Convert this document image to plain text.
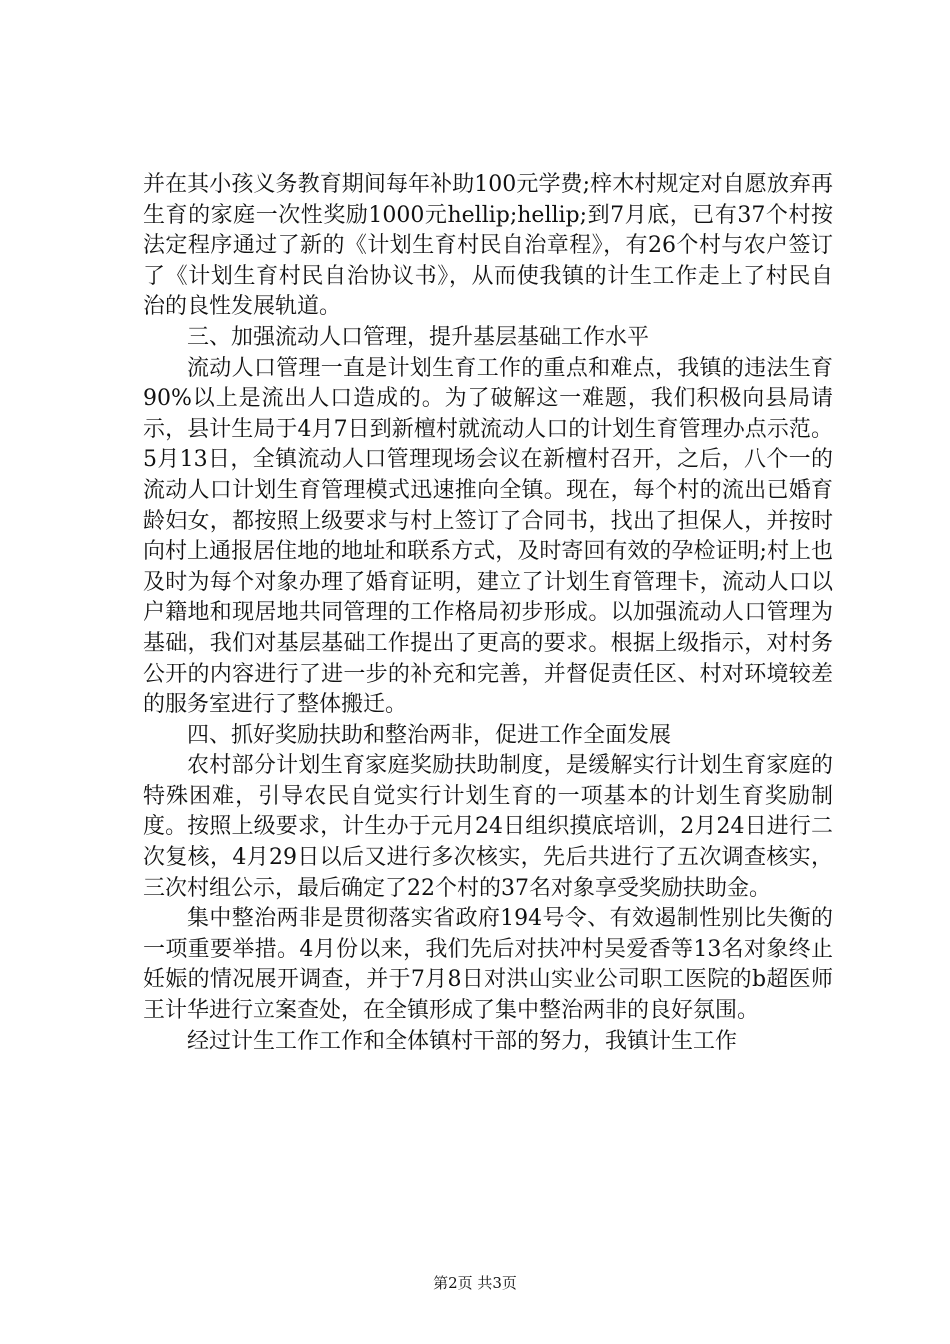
并在其小孩义务教育期间每年补助100元学费;梓木村规定对自愿放弃再生育的家庭一次性奖励1000元hellip;hellip;到7月底，已有37个村按法定程序通过了新的《计划生育村民自治章程》，有26个村与农户签订了《计划生育村民自治协议书》，从而使我镇的计生工作走上了村民自治的良性发展轨道。

三、加强流动人口管理，提升基层基础工作水平

流动人口管理一直是计划生育工作的重点和难点，我镇的违法生育90%以上是流出人口造成的。为了破解这一难题，我们积极向县局请示，县计生局于4月7日到新檀村就流动人口的计划生育管理办点示范。5月13日，全镇流动人口管理现场会议在新檀村召开，之后，八个一的流动人口计划生育管理模式迅速推向全镇。现在，每个村的流出已婚育龄妇女，都按照上级要求与村上签订了合同书，找出了担保人，并按时向村上通报居住地的地址和联系方式，及时寄回有效的孕检证明;村上也及时为每个对象办理了婚育证明，建立了计划生育管理卡，流动人口以户籍地和现居地共同管理的工作格局初步形成。以加强流动人口管理为基础，我们对基层基础工作提出了更高的要求。根据上级指示，对村务公开的内容进行了进一步的补充和完善，并督促责任区、村对环境较差的服务室进行了整体搬迁。

四、抓好奖励扶助和整治两非，促进工作全面发展

农村部分计划生育家庭奖励扶助制度，是缓解实行计划生育家庭的特殊困难，引导农民自觉实行计划生育的一项基本的计划生育奖励制度。按照上级要求，计生办于元月24日组织摸底培训，2月24日进行二次复核，4月29日以后又进行多次核实，先后共进行了五次调查核实，三次村组公示，最后确定了22个村的37名对象享受奖励扶助金。

集中整治两非是贯彻落实省政府194号令、有效遏制性别比失衡的一项重要举措。4月份以来，我们先后对扶冲村吴爱香等13名对象终止妊娠的情况展开调查，并于7月8日对洪山实业公司职工医院的b超医师王计华进行立案查处，在全镇形成了集中整治两非的良好氛围。

经过计生工作工作和全体镇村干部的努力，我镇计生工作

第2页 共3页
